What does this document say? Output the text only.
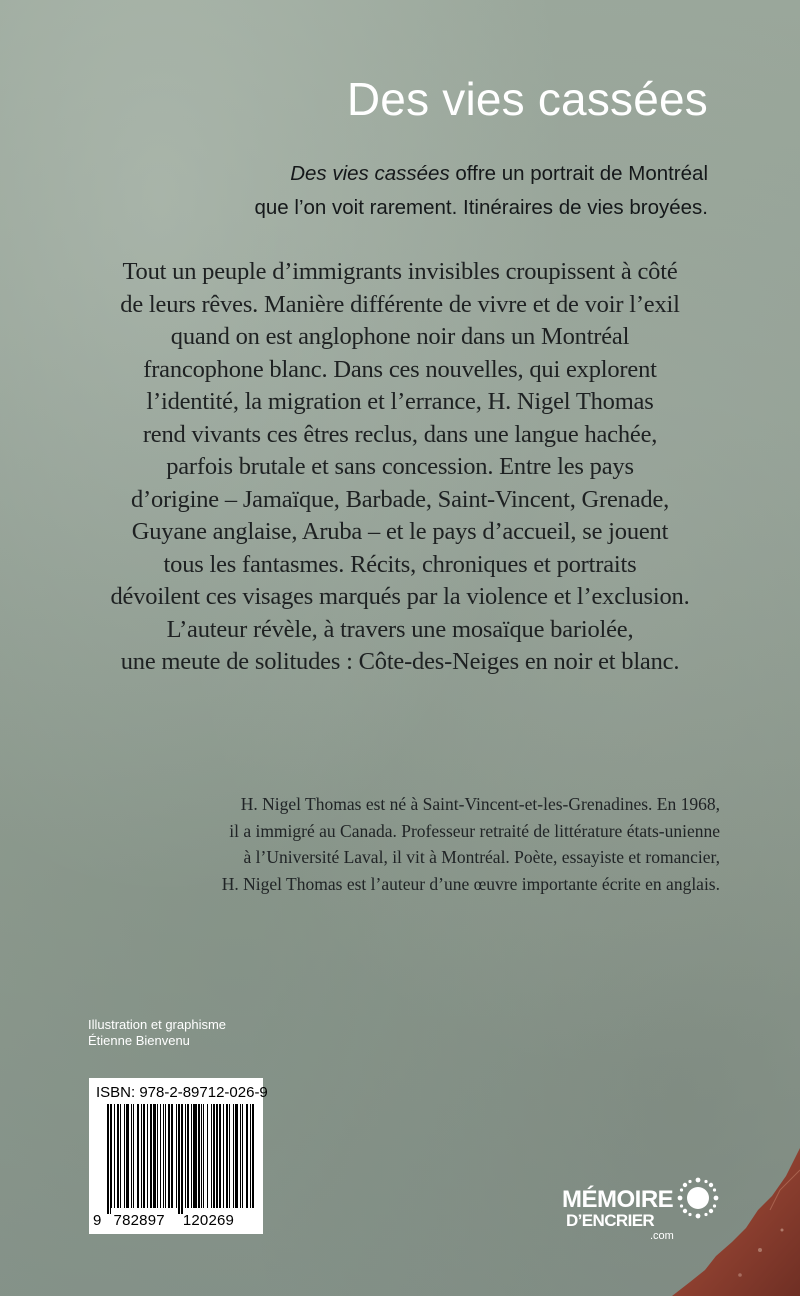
Des vies cassées
Des vies cassées offre un portrait de Montréal
que l’on voit rarement. Itinéraires de vies broyées.
Tout un peuple d’immigrants invisibles croupissent à côté
de leurs rêves. Manière différente de vivre et de voir l’exil
quand on est anglophone noir dans un Montréal
francophone blanc. Dans ces nouvelles, qui explorent
l’identité, la migration et l’errance, H. Nigel Thomas
rend vivants ces êtres reclus, dans une langue hachée,
parfois brutale et sans concession. Entre les pays
d’origine – Jamaïque, Barbade, Saint-Vincent, Grenade,
Guyane anglaise, Aruba – et le pays d’accueil, se jouent
tous les fantasmes. Récits, chroniques et portraits
dévoilent ces visages marqués par la violence et l’exclusion.
L’auteur révèle, à travers une mosaïque bariolée,
une meute de solitudes : Côte-des-Neiges en noir et blanc.
H. Nigel Thomas est né à Saint-Vincent-et-les-Grenadines. En 1968,
il a immigré au Canada. Professeur retraité de littérature états-unienne
à l’Université Laval, il vit à Montréal. Poète, essayiste et romancier,
H. Nigel Thomas est l’auteur d’une œuvre importante écrite en anglais.
Illustration et graphisme
Étienne Bienvenu
ISBN: 978-2-89712-026-9
9 782897 120269
MÉMOIRE
D’ENCRIER
.com
